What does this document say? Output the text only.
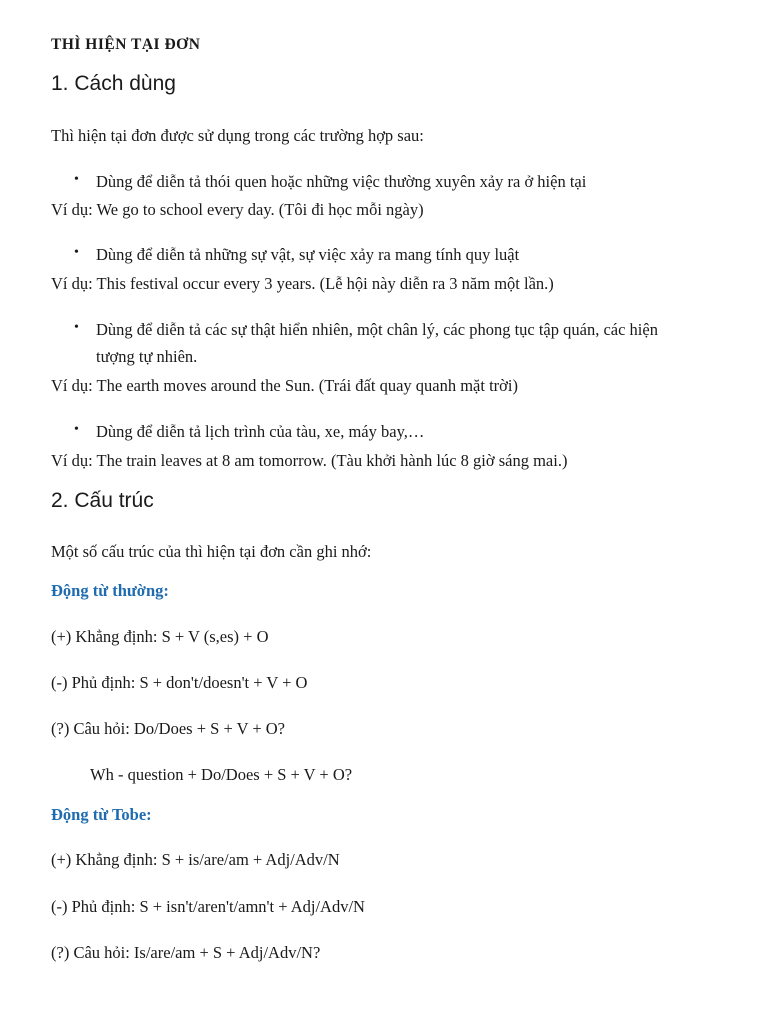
THÌ HIỆN TẠI ĐƠN
1. Cách dùng
Thì hiện tại đơn được sử dụng trong các trường hợp sau:
• Dùng để diễn tả thói quen hoặc những việc thường xuyên xảy ra ở hiện tại
Ví dụ: We go to school every day. (Tôi đi học mỗi ngày)
• Dùng để diễn tả những sự vật, sự việc xảy ra mang tính quy luật
Ví dụ: This festival occur every 3 years. (Lễ hội này diễn ra 3 năm một lần.)
• Dùng để diễn tả các sự thật hiển nhiên, một chân lý, các phong tục tập quán, các hiện
tượng tự nhiên.
Ví dụ: The earth moves around the Sun. (Trái đất quay quanh mặt trời)
• Dùng để diễn tả lịch trình của tàu, xe, máy bay,…
Ví dụ: The train leaves at 8 am tomorrow. (Tàu khởi hành lúc 8 giờ sáng mai.)
2. Cấu trúc
Một số cấu trúc của thì hiện tại đơn cần ghi nhớ:
Động từ thường:
(+) Khẳng định: S + V (s,es) + O
(-) Phủ định: S + don't/doesn't + V + O
(?) Câu hỏi: Do/Does + S + V + O?
Wh - question + Do/Does + S + V + O?
Động từ Tobe:
(+) Khẳng định: S + is/are/am + Adj/Adv/N
(-) Phủ định: S + isn't/aren't/amn't + Adj/Adv/N
(?) Câu hỏi: Is/are/am + S + Adj/Adv/N?
